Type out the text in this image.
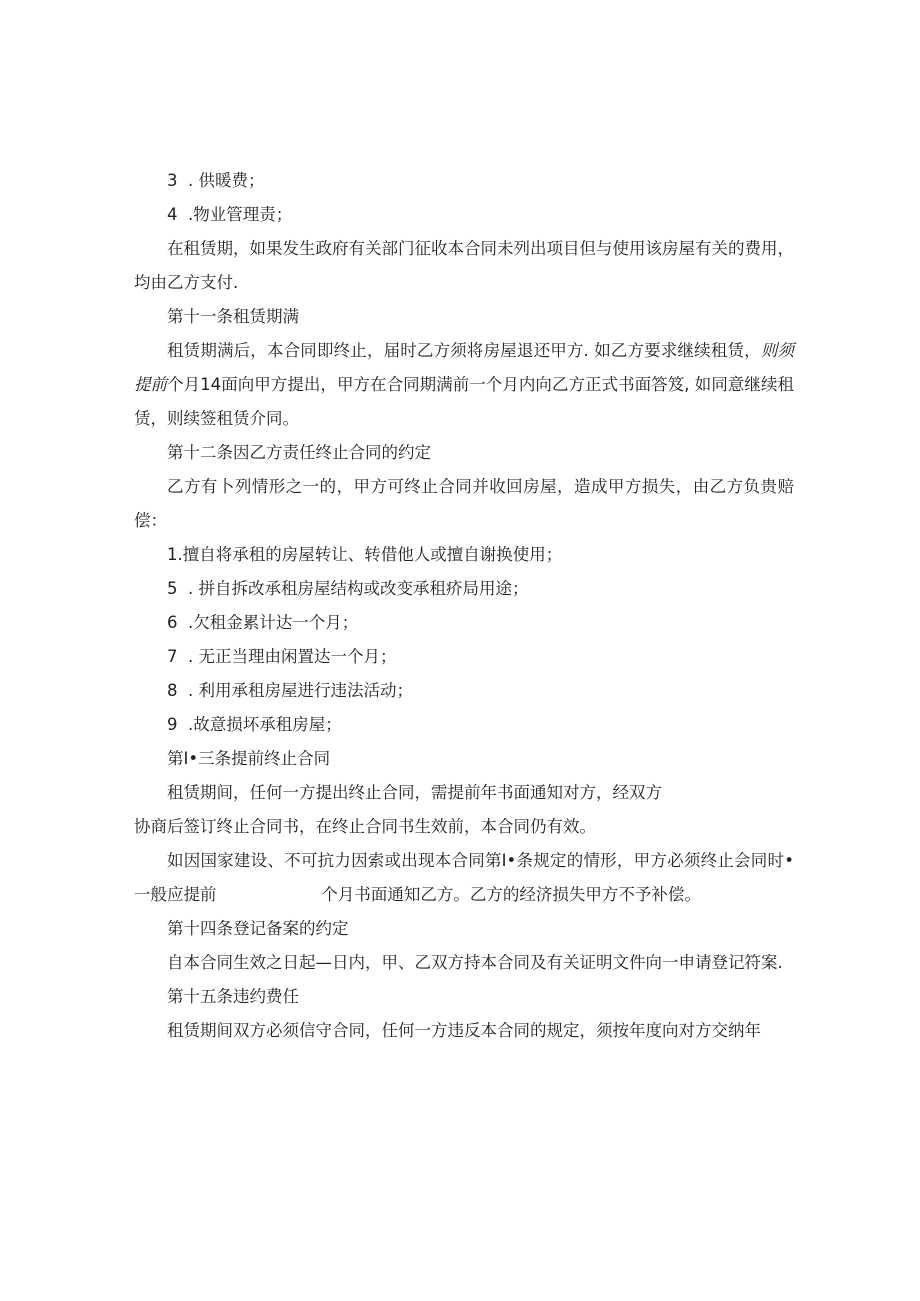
3  . 供暖费；

4  .物业管理责；

在租赁期，如果发生政府有关部门征收本合同未列出项目但与使用该房屋有关的费用，均由乙方支付.

第十一条租赁期满

租赁期满后，本合同即终止，届时乙方须将房屋退还甲方. 如乙方要求继续租赁，则须提前个月14面向甲方提出，甲方在合同期满前一个月内向乙方正式书面答笈, 如同意继续租赁，则续签租赁介同。

第十二条因乙方责任终止合同的约定

乙方有卜列情形之一的，甲方可终止合同并收回房屋，造成甲方损失，由乙方负贵赔偿：

1.擅自将承租的房屋转让、转借他人或擅自谢换使用；

5  . 拼自拆改承租房屋结构或改变承租疥局用途；

6  .欠租金累计达一个月；

7  . 无正当理由闲置达一个月；

8  . 利用承租房屋进行违法活动；

9  .故意损坏承租房屋；

第I•三条提前终止合同

租赁期间，任何一方提出终止合同，需提前年书面通知对方，经双方

协商后签订终止合同书，在终止合同书生效前，本合同仍有效。

如因国家建设、不可抗力因索或出现本合同第I•条规定的情形，甲方必须终止会同时•一般应提前                    个月书面通知乙方。乙方的经济损失甲方不予补偿。

第十四条登记备案的约定

自本合同生效之日起—日内，甲、乙双方持本合同及有关证明文件向一申请登记符案.

第十五条违约费任

租赁期间双方必须信守合同，任何一方违反本合同的规定，须按年度向对方交纳年
